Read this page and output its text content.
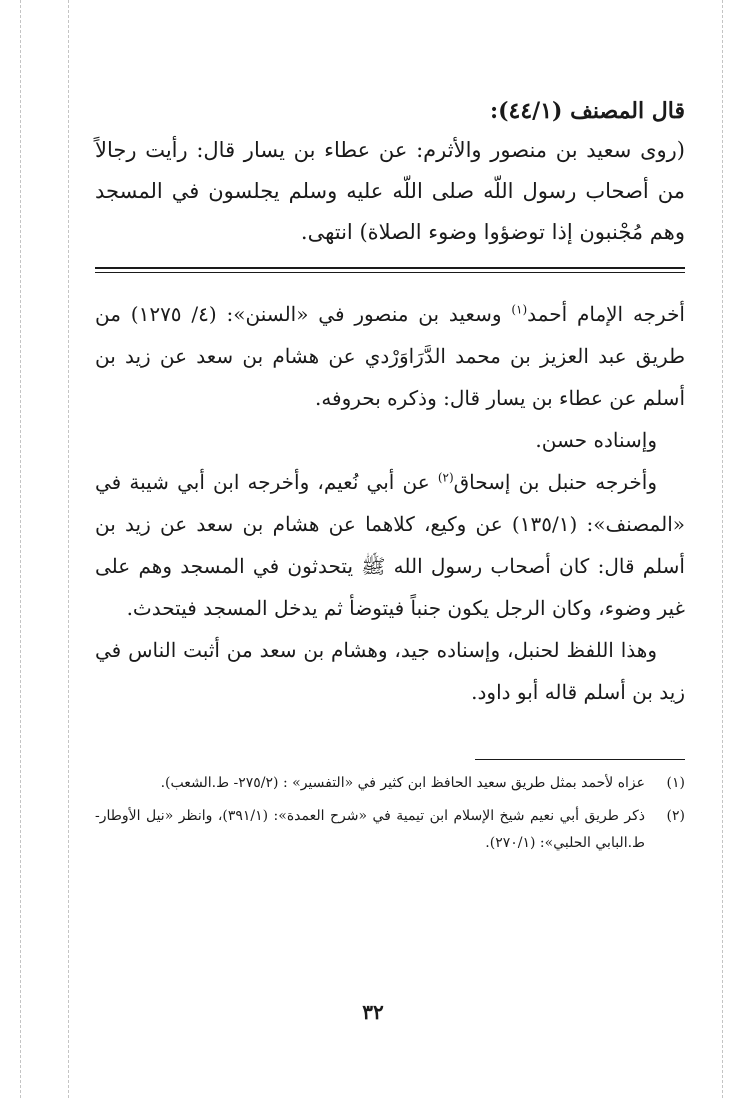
قال المصنف (٤٤/١):

(روى سعيد بن منصور والأثرم: عن عطاء بن يسار قال: رأيت رجالاً من أصحاب رسول اللّه صلى اللّه عليه وسلم يجلسون في المسجد وهم مُجْنبون إذا توضؤوا وضوء الصلاة) انتهى.

أخرجه الإمام أحمد$^{(١)}$ وسعيد بن منصور في «السنن»: (٤/ ١٢٧٥) من طريق عبد العزيز بن محمد الدَّرَاوَرْدي عن هشام بن سعد عن زيد بن أسلم عن عطاء بن يسار قال: وذكره بحروفه.

وإسناده حسن.

وأخرجه حنبل بن إسحاق$^{(٢)}$ عن أبي نُعيم، وأخرجه ابن أبي شيبة في «المصنف»: (١٣٥/١) عن وكيع، كلاهما عن هشام بن سعد عن زيد بن أسلم قال: كان أصحاب رسول الله ﷺ يتحدثون في المسجد وهم على غير وضوء، وكان الرجل يكون جنباً فيتوضأ ثم يدخل المسجد فيتحدث.

وهذا اللفظ لحنبل، وإسناده جيد، وهشام بن سعد من أثبت الناس في زيد بن أسلم قاله أبو داود.

(١)
عزاه لأحمد بمثل طريق سعيد الحافظ ابن كثير في «التفسير» : (٢٧٥/٢- ط.الشعب).
(٢)
ذكر طريق أبي نعيم شيخ الإسلام ابن تيمية في «شرح العمدة»: (٣٩١/١)، وانظر «نيل الأوطار- ط.البابي الحلبي»: (٢٧٠/١).
٣٢
